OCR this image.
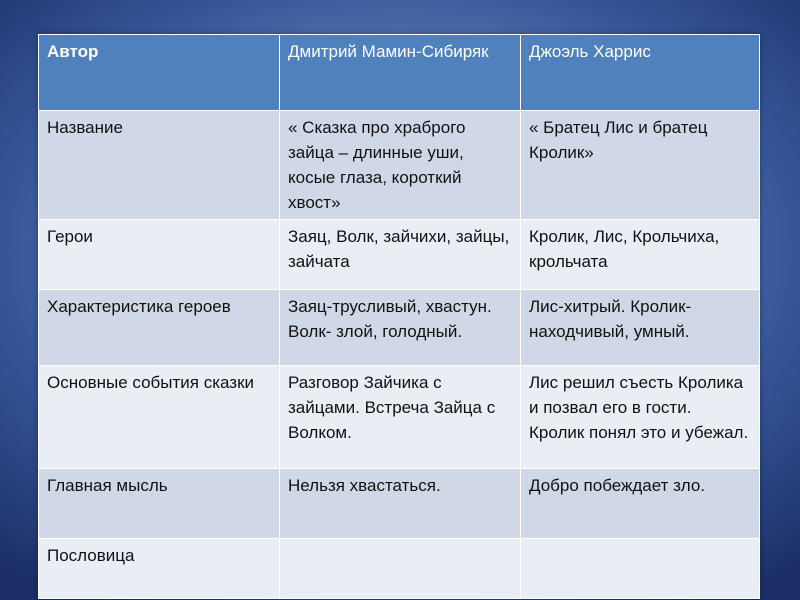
Автор	Дмитрий Мамин-Сибиряк	Джоэль Харрис
Название	« Сказка про храброго зайца – длинные уши, косые глаза, короткий хвост»	« Братец Лис и братец Кролик»
Герои	Заяц, Волк, зайчихи, зайцы, зайчата	Кролик, Лис, Крольчиха, крольчата
Характеристика героев	Заяц-трусливый, хвастун. Волк- злой, голодный.	Лис-хитрый. Кролик-находчивый, умный.
Основные события сказки	Разговор Зайчика с зайцами. Встреча Зайца с Волком.	Лис решил съесть Кролика и позвал его в гости. Кролик понял это и убежал.
Главная мысль	Нельзя хвастаться.	Добро побеждает зло.
Пословица		
